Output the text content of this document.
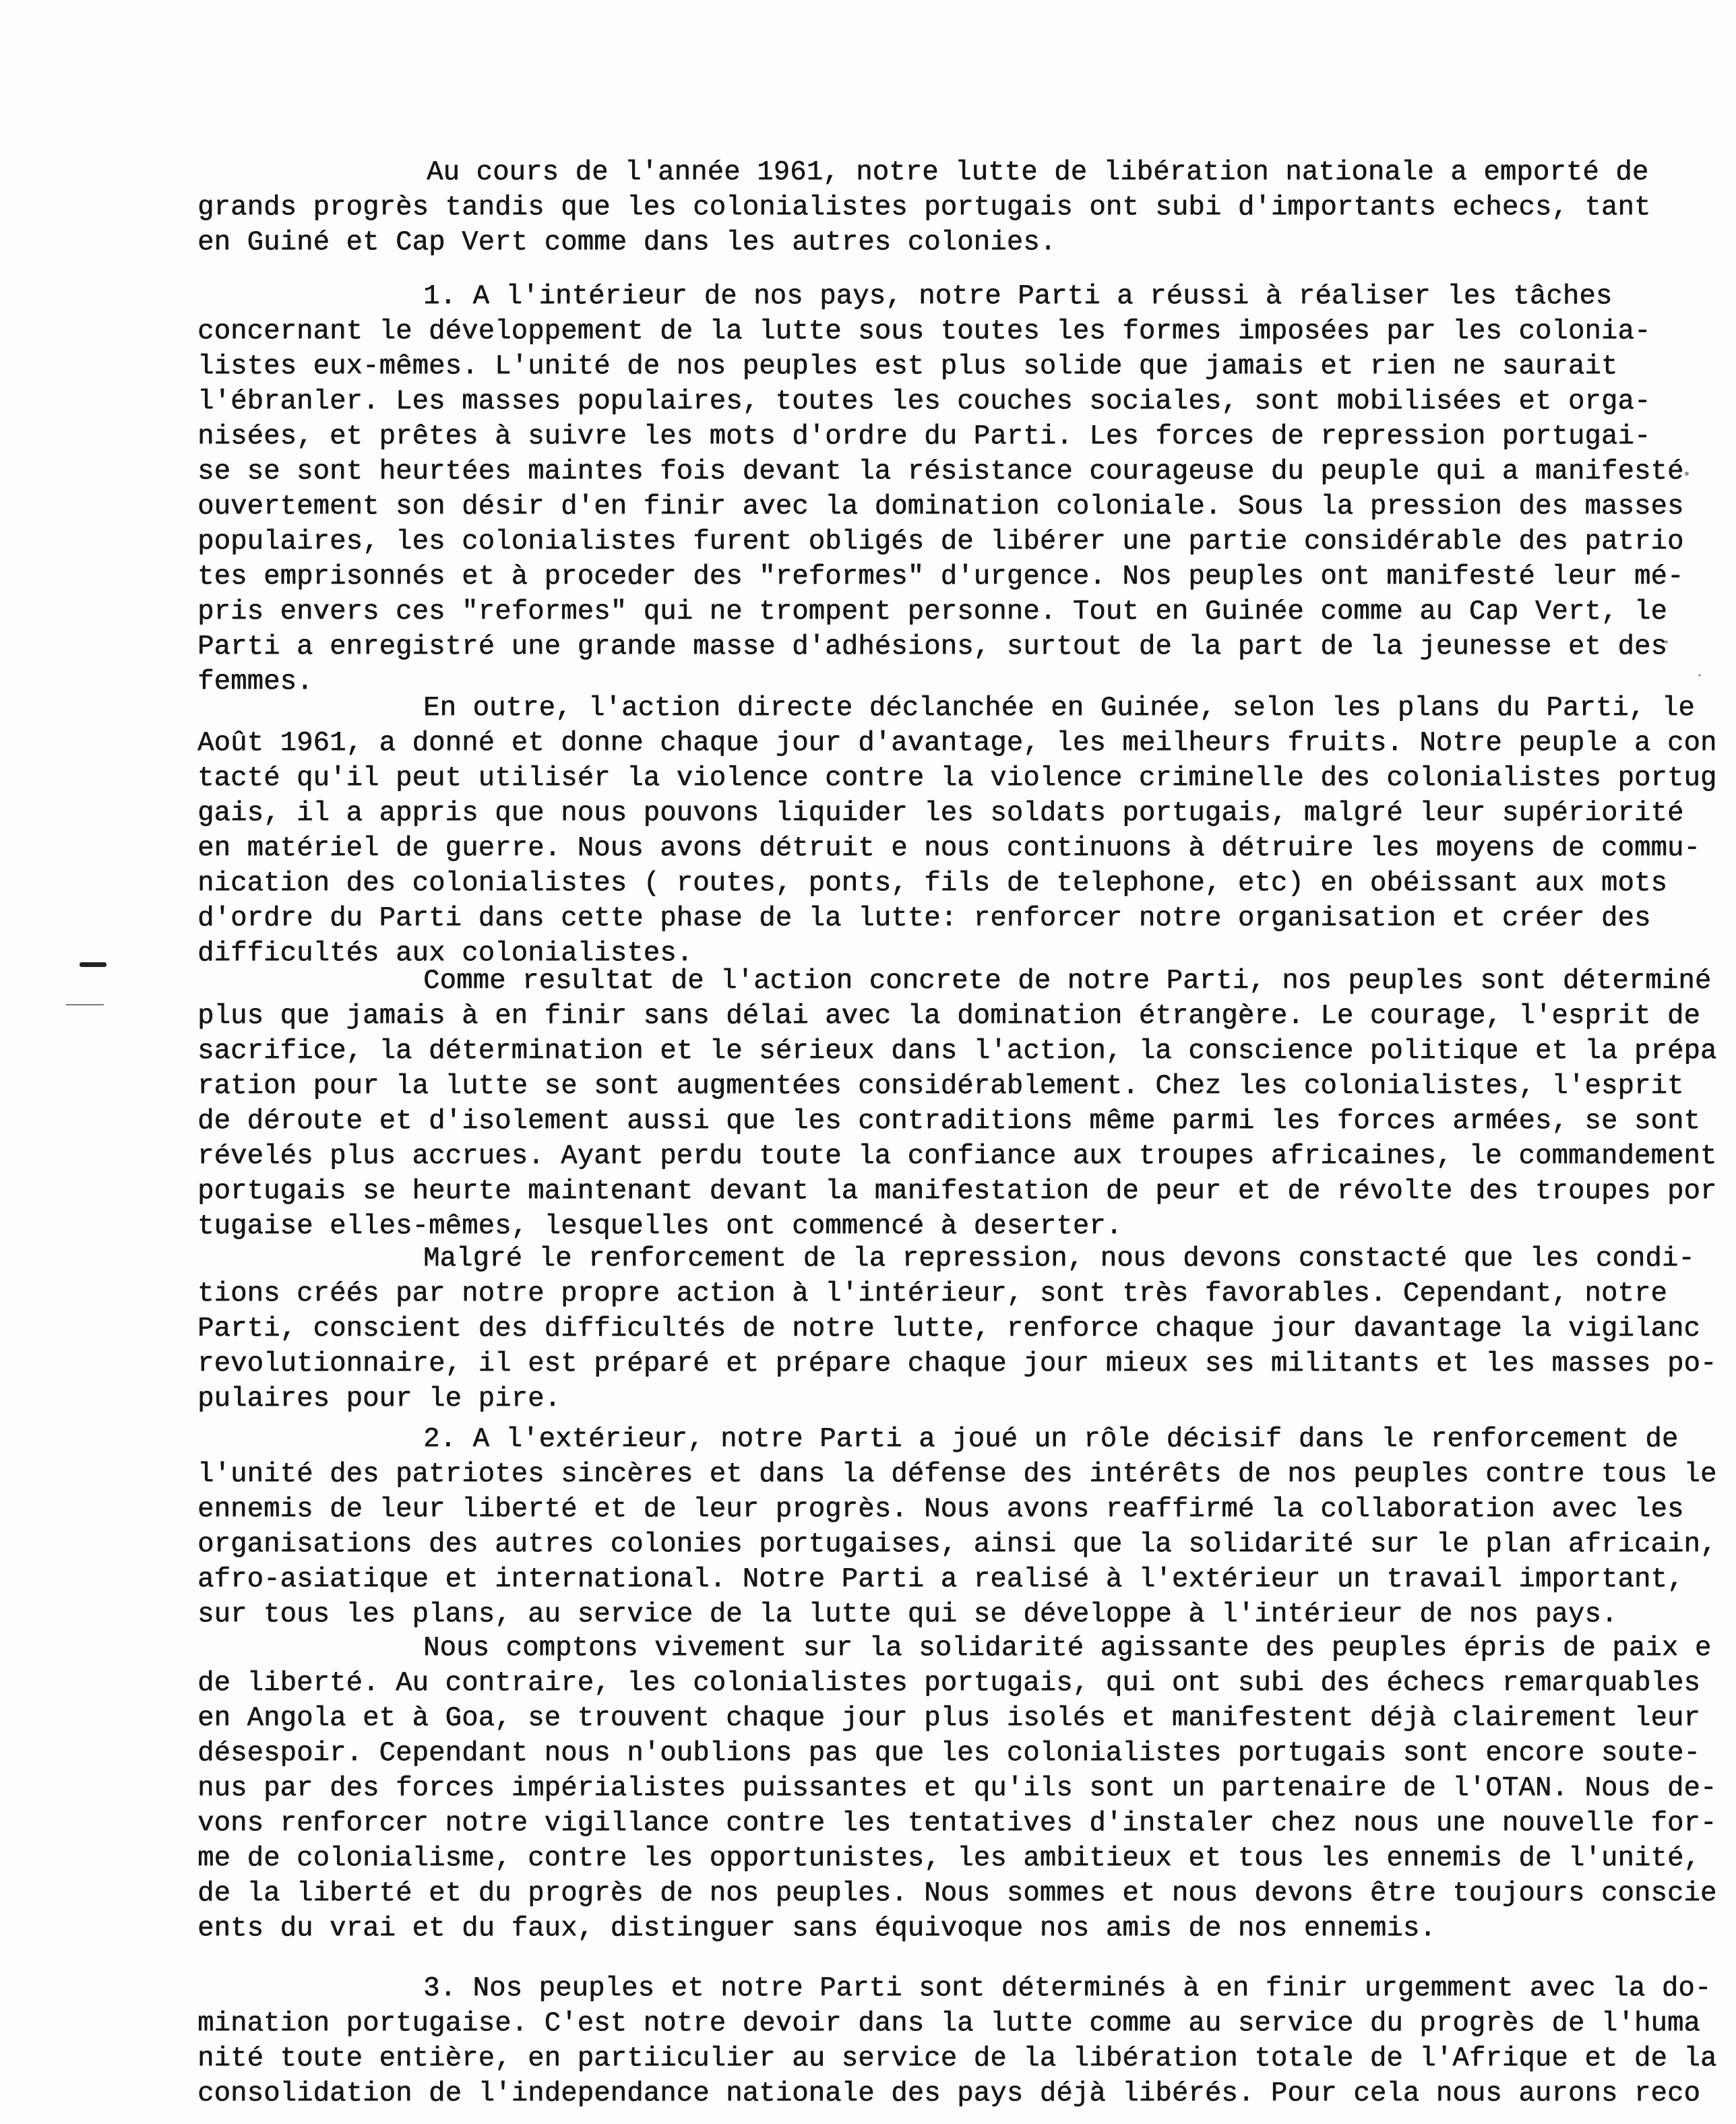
Au cours de l'année 1961, notre lutte de libération nationale a emporté de
grands progrès tandis que les colonialistes portugais ont subi d'importants echecs, tant
en Guiné et Cap Vert comme dans les autres colonies.
1. A l'intérieur de nos pays, notre Parti a réussi à réaliser les tâches
concernant le développement de la lutte sous toutes les formes imposées par les colonia-
listes eux-mêmes. L'unité de nos peuples est plus solide que jamais et rien ne saurait
l'ébranler. Les masses populaires, toutes les couches sociales, sont mobilisées et orga-
nisées, et prêtes à suivre les mots d'ordre du Parti. Les forces de repression portugai-
se se sont heurtées maintes fois devant la résistance courageuse du peuple qui a manifesté
ouvertement son désir d'en finir avec la domination coloniale. Sous la pression des masses
populaires, les colonialistes furent obligés de libérer une partie considérable des patrio
tes emprisonnés et à proceder des "reformes" d'urgence. Nos peuples ont manifesté leur mé-
pris envers ces "reformes" qui ne trompent personne. Tout en Guinée comme au Cap Vert, le
Parti a enregistré une grande masse d'adhésions, surtout de la part de la jeunesse et des
femmes.
En outre, l'action directe déclanchée en Guinée, selon les plans du Parti, le
Août 1961, a donné et donne chaque jour d'avantage, les meilheurs fruits. Notre peuple a con
tacté qu'il peut utilisér la violence contre la violence criminelle des colonialistes portug
gais, il a appris que nous pouvons liquider les soldats portugais, malgré leur supériorité
en matériel de guerre. Nous avons détruit e nous continuons à détruire les moyens de commu-
nication des colonialistes ( routes, ponts, fils de telephone, etc) en obéissant aux mots
d'ordre du Parti dans cette phase de la lutte: renforcer notre organisation et créer des
difficultés aux colonialistes.
Comme resultat de l'action concrete de notre Parti, nos peuples sont déterminé
plus que jamais à en finir sans délai avec la domination étrangère. Le courage, l'esprit de
sacrifice, la détermination et le sérieux dans l'action, la conscience politique et la prépa
ration pour la lutte se sont augmentées considérablement. Chez les colonialistes, l'esprit
de déroute et d'isolement aussi que les contraditions même parmi les forces armées, se sont
révelés plus accrues. Ayant perdu toute la confiance aux troupes africaines, le commandement
portugais se heurte maintenant devant la manifestation de peur et de révolte des troupes por
tugaise elles-mêmes, lesquelles ont commencé à deserter.
Malgré le renforcement de la repression, nous devons constacté que les condi-
tions créés par notre propre action à l'intérieur, sont très favorables. Cependant, notre
Parti, conscient des difficultés de notre lutte, renforce chaque jour davantage la vigilanc
revolutionnaire, il est préparé et prépare chaque jour mieux ses militants et les masses po-
pulaires pour le pire.
2. A l'extérieur, notre Parti a joué un rôle décisif dans le renforcement de
l'unité des patriotes sincères et dans la défense des intérêts de nos peuples contre tous le
ennemis de leur liberté et de leur progrès. Nous avons reaffirmé la collaboration avec les
organisations des autres colonies portugaises, ainsi que la solidarité sur le plan africain,
afro-asiatique et international. Notre Parti a realisé à l'extérieur un travail important,
sur tous les plans, au service de la lutte qui se développe à l'intérieur de nos pays.
Nous comptons vivement sur la solidarité agissante des peuples épris de paix e
de liberté. Au contraire, les colonialistes portugais, qui ont subi des échecs remarquables
en Angola et à Goa, se trouvent chaque jour plus isolés et manifestent déjà clairement leur
désespoir. Cependant nous n'oublions pas que les colonialistes portugais sont encore soute-
nus par des forces impérialistes puissantes et qu'ils sont un partenaire de l'OTAN. Nous de-
vons renforcer notre vigillance contre les tentatives d'instaler chez nous une nouvelle for-
me de colonialisme, contre les opportunistes, les ambitieux et tous les ennemis de l'unité,
de la liberté et du progrès de nos peuples. Nous sommes et nous devons être toujours conscie
ents du vrai et du faux, distinguer sans équivoque nos amis de nos ennemis.
3. Nos peuples et notre Parti sont déterminés à en finir urgemment avec la do-
mination portugaise. C'est notre devoir dans la lutte comme au service du progrès de l'huma
nité toute entière, en partiiculier au service de la libération totale de l'Afrique et de la
consolidation de l'independance nationale des pays déjà libérés. Pour cela nous aurons reco
